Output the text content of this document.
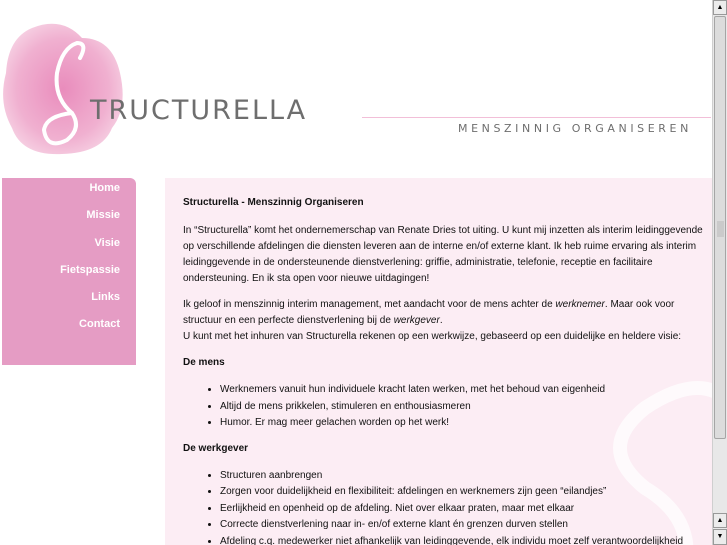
TRUCTURELLA
MENSZINNIG ORGANISEREN
Home
Missie
Visie
Fietspassie
Links
Contact
Structurella - Menszinnig Organiseren

In “Structurella” komt het ondernemerschap van Renate Dries tot uiting. U kunt mij inzetten als interim leidinggevende op verschillende afdelingen die diensten leveren aan de interne en/of externe klant. Ik heb ruime ervaring als interim leidinggevende in de ondersteunende dienstverlening: griffie, administratie, telefonie, receptie en facilitaire ondersteuning. En ik sta open voor nieuwe uitdagingen!

Ik geloof in menszinnig interim management, met aandacht voor de mens achter de werknemer. Maar ook voor structuur en een perfecte dienstverlening bij de werkgever.
U kunt met het inhuren van Structurella rekenen op een werkwijze, gebaseerd op een duidelijke en heldere visie:

De mens
• Werknemers vanuit hun individuele kracht laten werken, met het behoud van eigenheid
• Altijd de mens prikkelen, stimuleren en enthousiasmeren
• Humor. Er mag meer gelachen worden op het werk!
De werkgever
• Structuren aanbrengen
• Zorgen voor duidelijkheid en flexibiliteit: afdelingen en werknemers zijn geen “eilandjes”
• Eerlijkheid en openheid op de afdeling. Niet over elkaar praten, maar met elkaar
• Correcte dienstverlening naar in- en/of externe klant én grenzen durven stellen
• Afdeling c.q. medewerker niet afhankelijk van leidinggevende, elk individu moet zelf verantwoordelijkheid
▲
▲
▼
